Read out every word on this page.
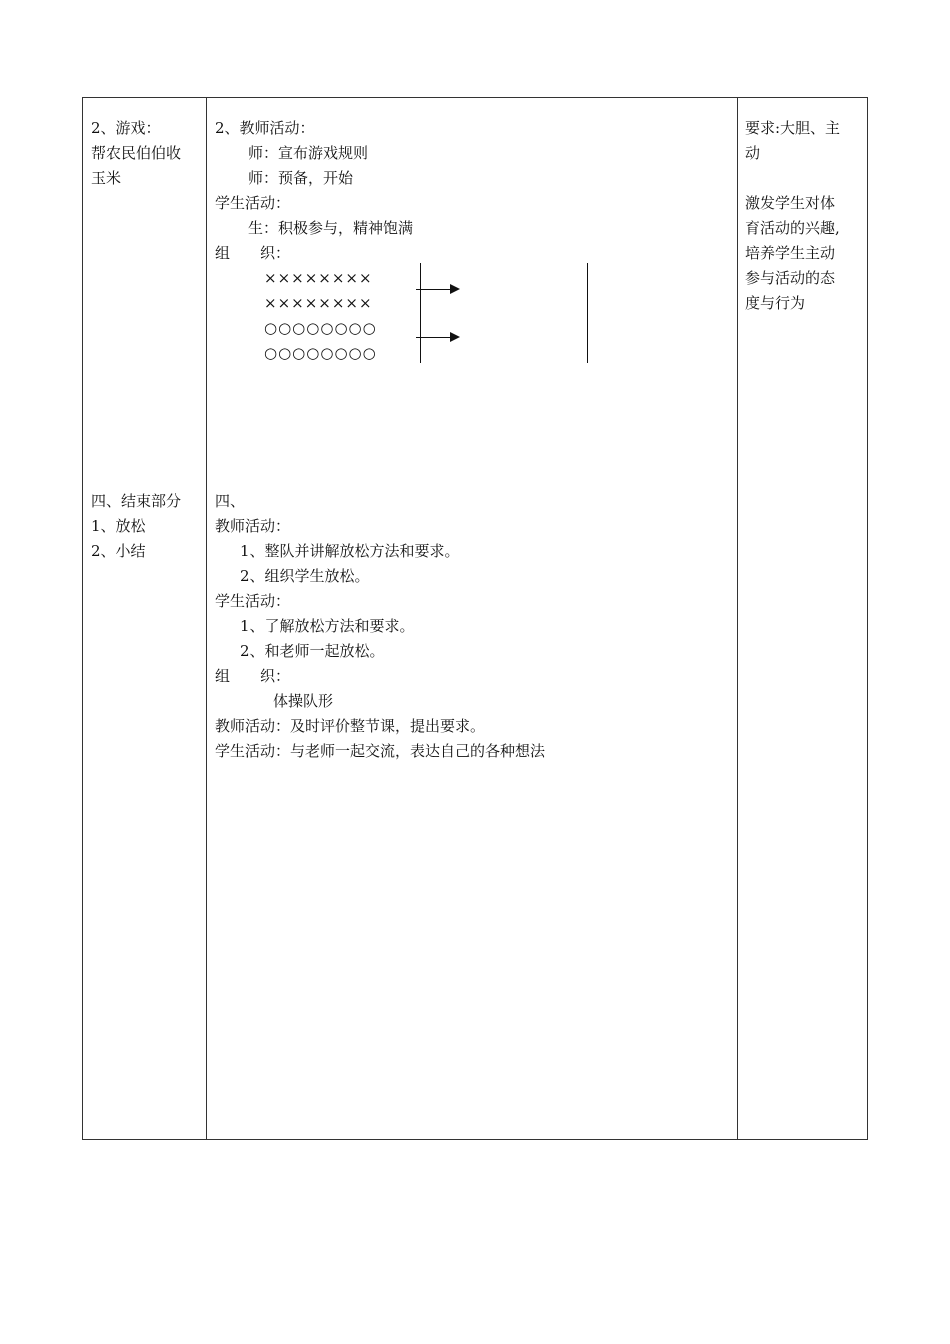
2、游戏：
帮农民伯伯收
玉米
四、结束部分
1、放松
2、小结
2、教师活动：
师：宣布游戏规则
师：预备，开始
学生活动：
生：积极参与，精神饱满
组　　织：
××××××××
××××××××
○○○○○○○○
○○○○○○○○
四、
教师活动：
1、整队并讲解放松方法和要求。
2、组织学生放松。
学生活动：
1、了解放松方法和要求。
2、和老师一起放松。
组　　织：
体操队形
教师活动：及时评价整节课，提出要求。
学生活动：与老师一起交流，表达自己的各种想法
要求:大胆、主
动
激发学生对体
育活动的兴趣,
培养学生主动
参与活动的态
度与行为
